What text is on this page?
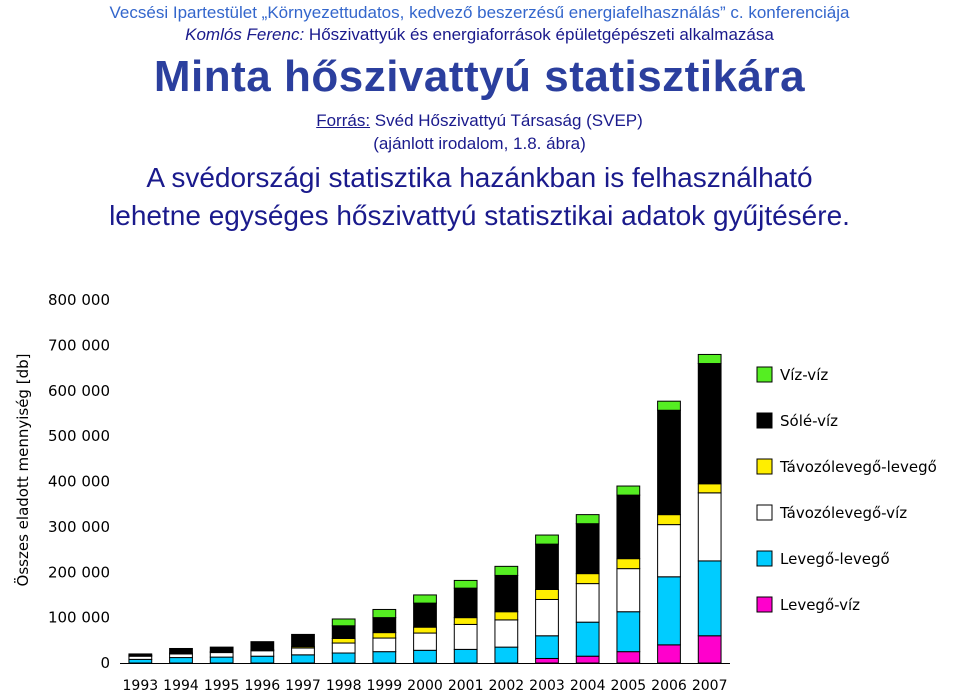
Vecsési Ipartestület „Környezettudatos, kedvező beszerzésű energiafelhasználás” c. konferenciája
Komlós Ferenc: Hőszivattyúk és energiaforrások épületgépészeti alkalmazása
Minta hőszivattyú statisztikára
Forrás: Svéd Hőszivattyú Társaság (SVEP)
(ajánlott irodalom, 1.8. ábra)
A svédországi statisztika hazánkban is felhasználható
lehetne egységes hőszivattyú statisztikai adatok gyűjtésére.
Összes eladott mennyiség [db]
0
100 000
200 000
300 000
400 000
500 000
600 000
700 000
800 000
1993 1994 1995 1996 1997 1998 1999 2000 2001 2002 2003 2004 2005 2006 2007
Víz-víz
Sólé-víz
Távozólevegő-levegő
Távozólevegő-víz
Levegő-levegő
Levegő-víz
